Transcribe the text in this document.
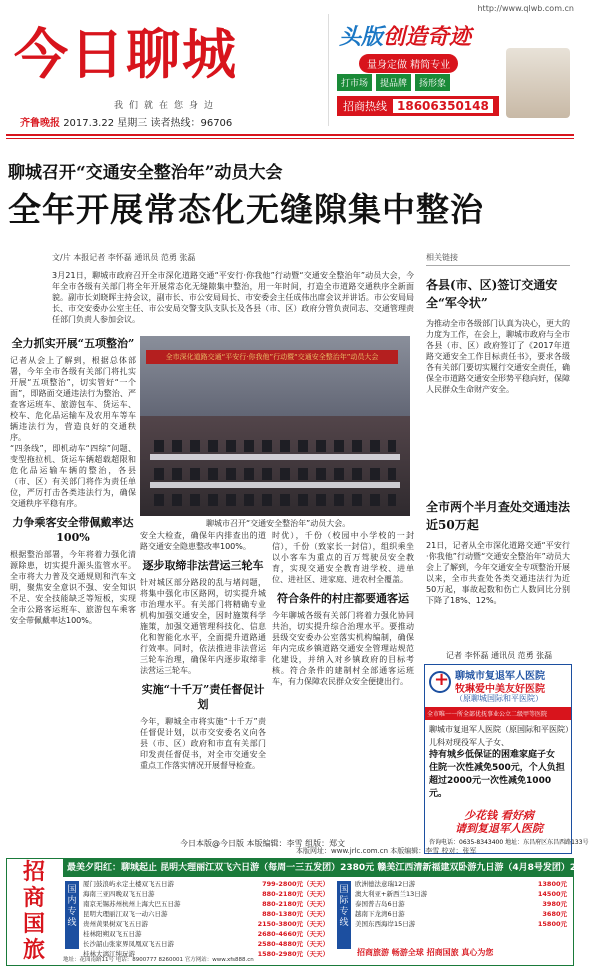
http://www.qlwb.com.cn
今日聊城
我们就在您身边
齐鲁晚报 2017.3.22 星期三 读者热线：96706
头版创造奇迹
量身定做 精简专业
打市场	提品牌	扬形象
招商热线 18606350148
聊城召开“交通安全整治年”动员大会
全年开展常态化无缝隙集中整治
文/片 本报记者 李怀磊 通讯员 范勇 张磊
3月21日，聊城市政府召开全市深化道路交通“平安行·你我他”行动暨“交通安全整治年”动员大会，今年全市各级有关部门将全年开展常态化无缝隙集中整治，用一年时间，打造全市道路交通秩序全新面貌。副市长刘晓晖主持会议，副市长、市公安局局长、市安委会主任成伟出席会议并讲话。市公安局局长、市交安委办公室主任、市公安局交警支队支队长及各县（市、区）政府分管负责同志、交通管理责任部门负责人参加会议。
全力抓实开展“五项整治”

记者从会上了解到，根据总体部署，今年全市各级有关部门将扎实开展“五项整治”，切实管好“一个面”，即路面交通违法行为整治、严查客运班车、旅游包车、货运车、校车、危化品运输车及农用车等车辆违法行为，营造良好的交通秩序。

“四条线”，即机动车“四综”问题、变型拖拉机、货运车辆超载超限和危化品运输车辆的整治，各县（市、区）有关部门将作为责任单位，严厉打击各类违法行为，确保交通秩序平稳有序。

力争乘客安全带佩戴率达100%

根据整治部署，今年将着力强化清源除患，切实提升源头监管水平。全市将大力普及交通规则和汽车文明，聚焦安全意识不强、安全知识不足、安全技能缺乏等短板，实现全市公路客运班车、旅游包车乘客安全带佩戴率达100%。

全市深化道路交通“平安行·你我他”行动暨“交通安全整治年”动员大会
聊城市召开“交通安全整治年”动员大会。

安全大检查，确保年内排查出的道路交通安全隐患整改率100%。

逐步取缔非法营运三轮车

针对城区部分路段的乱与堵问题，将集中强化市区路网，切实提升城市治理水平。有关部门将精确专业机构加强交通安全，因时施策科学施策，加强交通管理科技化、信息化和智能化水平，全面提升道路通行效率。同时，依法推进非法营运三轮车治理，确保年内逐步取缔非法营运三轮车。

实施“十千万”责任督促计划

今年，聊城全市将实施“十千万”责任督促计划，以市交安委名义向各县（市、区）政府和市直有关部门印发责任督促书，对全市交通安全重点工作落实情况开展督导检查。

时优），千份（校园中小学校的一封信），千份（致家长一封信），组织乘坐以小客车为重点的百万驾驶员安全教育，实现交通安全教育进学校、进单位、进社区、进家庭、进农村全覆盖。

符合条件的村庄都要通客运

今年聊城各级有关部门将着力强化协同共治，切实提升综合治理水平。要推动县级交安委办公室落实机构编制，确保年内完成乡镇道路交通安全管理站规范化建设，并纳入对乡镇政府的目标考核。符合条件的建制村全部通客运班车，有力保障农民群众安全便捷出行。

今日本版@今日版 本版编辑：李雪 组版：郑文
相关链接
各县(市、区)签订交通安全“军令状”
为推动全市各级部门认真为决心，更大的力度为工作，在会上，聊城市政府与全市各县（市、区）政府签订了《2017年道路交通安全工作目标责任书》，要求各级各有关部门要切实履行交通安全责任，确保全市道路交通安全形势平稳向好，保障人民群众生命财产安全。
全市两个半月查处交通违法近50万起
21日，记者从全市深化道路交通“平安行·你我他”行动暨“交通安全整治年”动员大会上了解到，今年交通安全专项整治开展以来，全市共查处各类交通违法行为近50万起，事故起数和伤亡人数同比分别下降了18%、12%。
记者 李怀磊 通讯员 范勇 张磊
+
聊城市复退军人医院
牧琳爱中美友好医院
（原聊城国际和平医院）
全市唯一一所全部优抚事业公立二级甲等医院
聊城市复退军人医院（原国际和平医院）儿科对现役军人子女、
持有城乡低保证的困难家庭子女
住院一次性减免500元，个人负担
超过2000元一次性减免1000元。
少花钱 看好病
请到复退军人医院
咨询电话：0635-8343400 地址：东昌府区东昌西路133号
本版网址：www.jrlc.com.cn 本版编辑：李雪 校对：张军
招
商
国
旅
最美夕阳红：聊城起止 昆明大理丽江双飞六日游（每周一三五发团）2380元 赣美江西清新福建双卧游九日游（4月8号发团）2980元
国内专线
厦门鼓浪屿永定土楼双飞五日游	799-2800元（天天）
海南三亚四晚双飞五日游	880-2180元（天天）
南京无锡苏州杭州上海大巴五日游	880-2180元（天天）
昆明大理丽江双飞一动六日游	880-1380元（天天）
贵州黄果树双飞五日游	2150-3800元（天天）
桂林阳朔双飞五日游	2680-4660元（天天）
长沙韶山张家界凤凰双飞五日游	2580-4880元（天天）
桂林大漓江纯玩游	1580-2980元（天天）
国际专线
欧洲德法意瑞12日游	13800元
澳大利亚+新西兰13日游	14500元
泰国普吉岛6日游	3980元
越南下龙湾6日游	3680元
美国东西海岸15日游	15800元
招商旅游 畅游全球 招商国旅 真心为您
地址：花园南路11号 电话：8900777 8260001 官方网站：www.xfs888.cn
